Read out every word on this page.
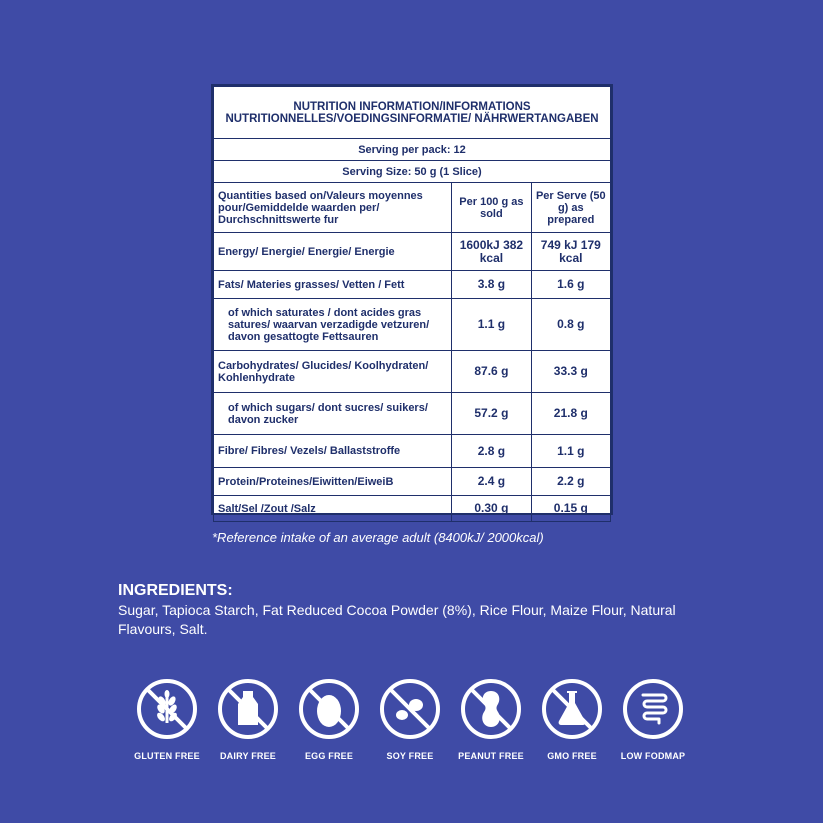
NUTRITION INFORMATION/INFORMATIONS NUTRITIONNELLES/VOEDINGSINFORMATIE/ NÄHRWERTANGABEN		
Serving per pack: 12		
Serving Size: 50 g (1 Slice)		
Quantities based on/Valeurs moyennes pour/Gemiddelde waarden per/ Durchschnittswerte fur	Per 100 g as sold	Per Serve (50 g) as prepared
Energy/ Energie/ Energie/ Energie	1600kJ 382 kcal	749 kJ 179 kcal
Fats/ Materies grasses/ Vetten / Fett	3.8 g	1.6 g
of which saturates / dont acides gras satures/ waarvan verzadigde vetzuren/ davon gesattogte Fettsauren	1.1 g	0.8 g
Carbohydrates/ Glucides/ Koolhydraten/ Kohlenhydrate	87.6 g	33.3 g
of which sugars/ dont sucres/ suikers/ davon zucker	57.2 g	21.8 g
Fibre/ Fibres/ Vezels/ Ballaststroffe	2.8 g	1.1 g
Protein/Proteines/Eiwitten/EiweiB	2.4 g	2.2 g
Salt/Sel /Zout /Salz	0.30 g	0.15 g
*Reference intake of an average adult (8400kJ/ 2000kcal)
INGREDIENTS:
Sugar, Tapioca Starch, Fat Reduced Cocoa Powder (8%), Rice Flour, Maize Flour, Natural Flavours, Salt.
GLUTEN FREE	DAIRY FREE	EGG FREE	SOY FREE	PEANUT FREE	GMO FREE	LOW FODMAP
